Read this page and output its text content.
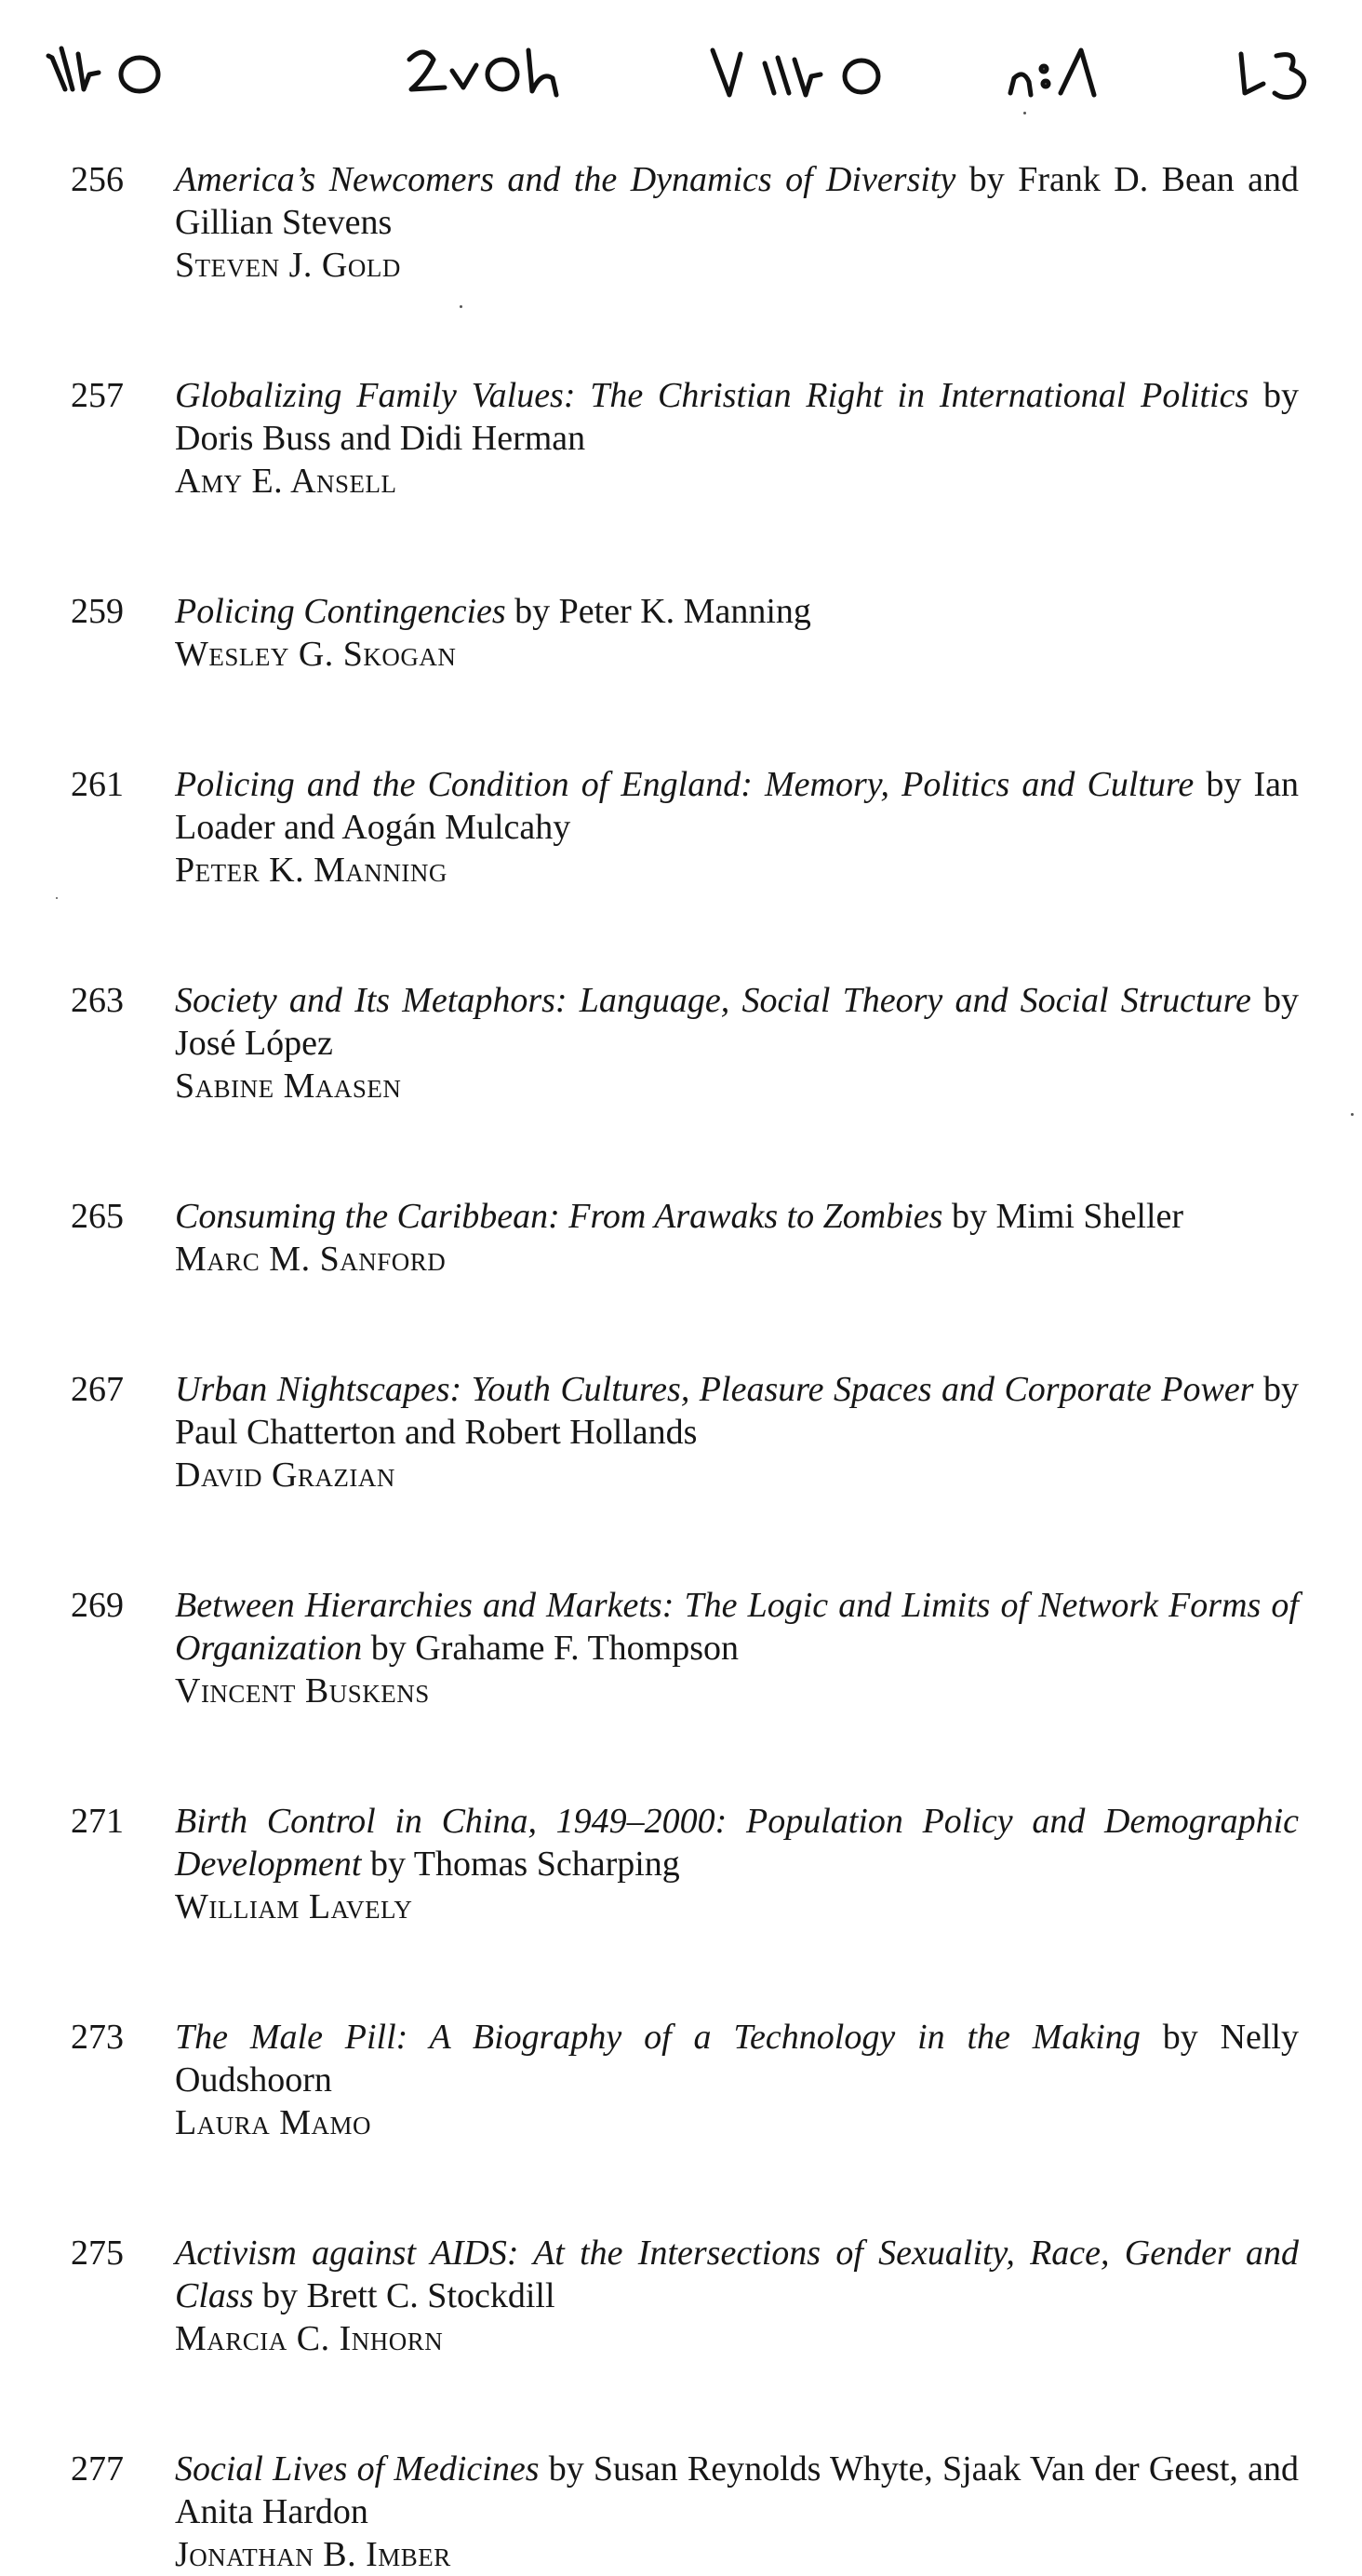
256	America’s Newcomers and the Dynamics of Diversity by Frank D. Bean and Gillian Stevens
Steven J. Gold

257	Globalizing Family Values: The Christian Right in International Politics by Doris Buss and Didi Herman
Amy E. Ansell

259	Policing Contingencies by Peter K. Manning
Wesley G. Skogan

261	Policing and the Condition of England: Memory, Politics and Culture by Ian Loader and Aogán Mulcahy
Peter K. Manning

263	Society and Its Metaphors: Language, Social Theory and Social Structure by José López
Sabine Maasen

265	Consuming the Caribbean: From Arawaks to Zombies by Mimi Sheller
Marc M. Sanford

267	Urban Nightscapes: Youth Cultures, Pleasure Spaces and Corporate Power by Paul Chatterton and Robert Hollands
David Grazian

269	Between Hierarchies and Markets: The Logic and Limits of Network Forms of Organization by Grahame F. Thompson
Vincent Buskens

271	Birth Control in China, 1949–2000: Population Policy and Demographic Development by Thomas Scharping
William Lavely

273	The Male Pill: A Biography of a Technology in the Making by Nelly Oudshoorn
Laura Mamo

275	Activism against AIDS: At the Intersections of Sexuality, Race, Gender and Class by Brett C. Stockdill
Marcia C. Inhorn

277	Social Lives of Medicines by Susan Reynolds Whyte, Sjaak Van der Geest, and Anita Hardon
Jonathan B. Imber
